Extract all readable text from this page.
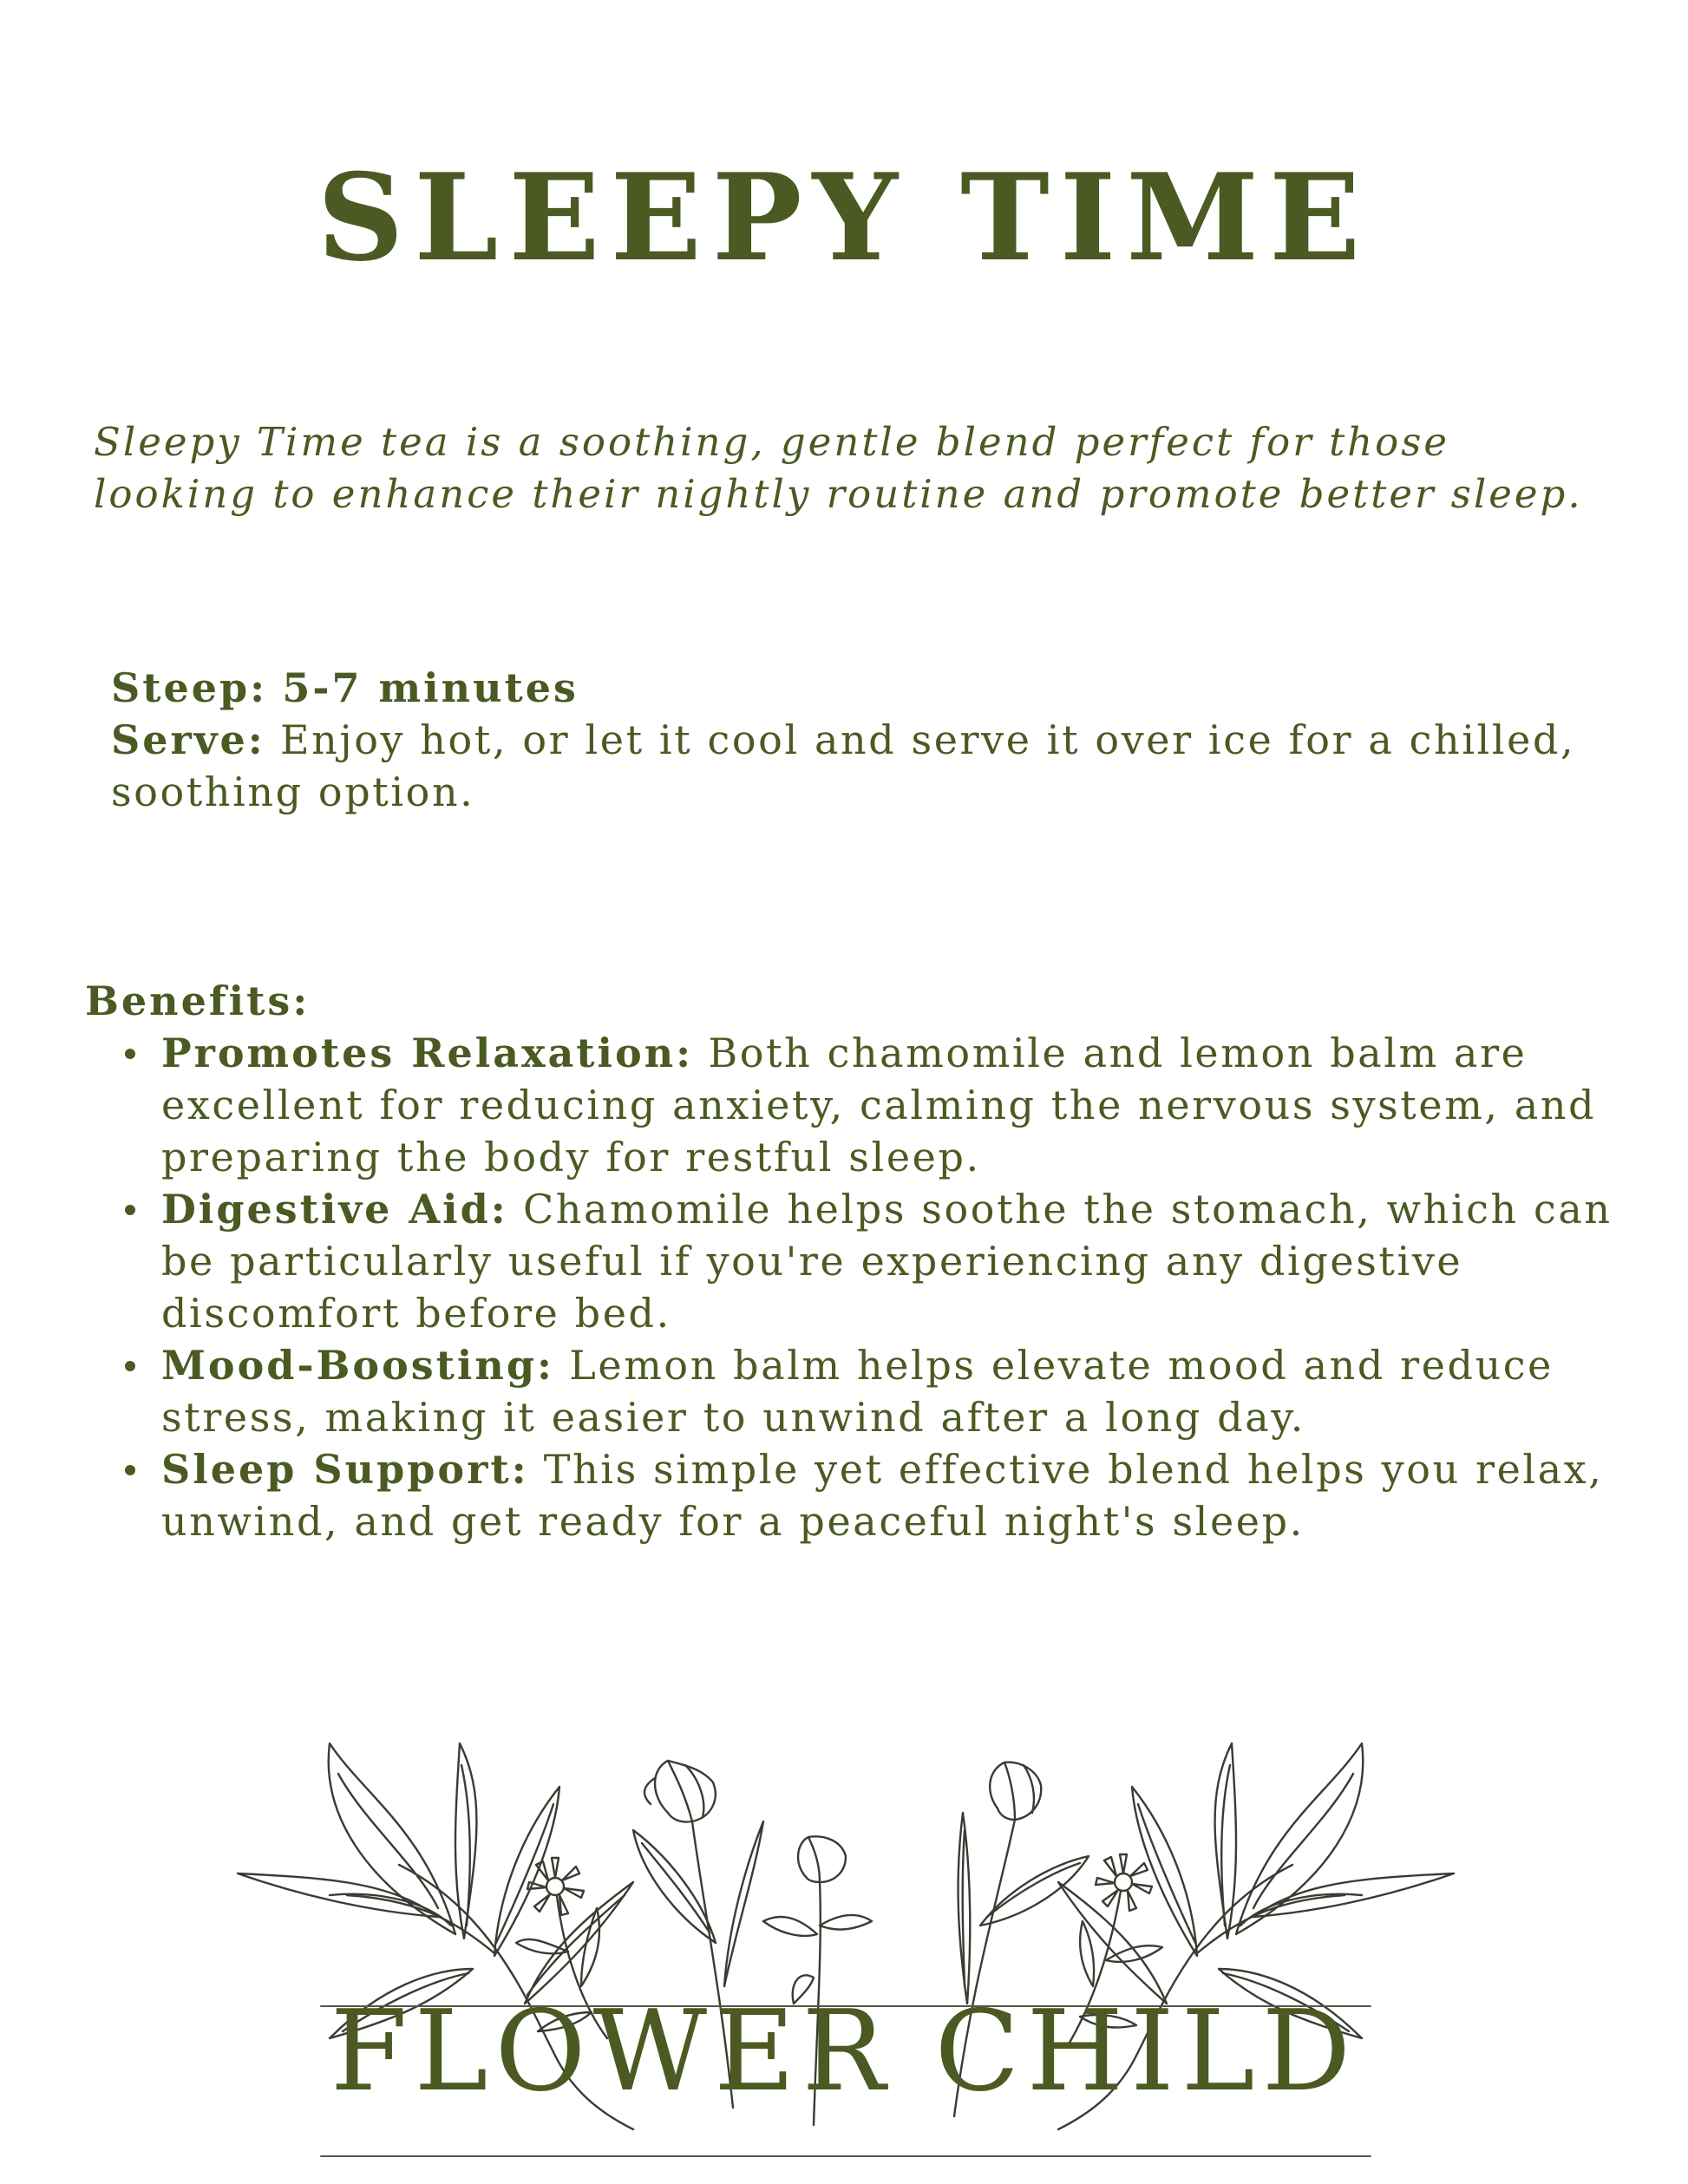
SLEEPY TIME

Sleepy Time tea is a soothing, gentle blend perfect for those looking to enhance their nightly routine and promote better sleep.

Steep: 5-7 minutes

Serve: Enjoy hot, or let it cool and serve it over ice for a chilled, soothing option.

Benefits:

Promotes Relaxation: Both chamomile and lemon balm are excellent for reducing anxiety, calming the nervous system, and preparing the body for restful sleep.
Digestive Aid: Chamomile helps soothe the stomach, which can be particularly useful if you're experiencing any digestive discomfort before bed.
Mood-Boosting: Lemon balm helps elevate mood and reduce stress, making it easier to unwind after a long day.
Sleep Support: This simple yet effective blend helps you relax, unwind, and get ready for a peaceful night's sleep.
FLOWER CHILD
